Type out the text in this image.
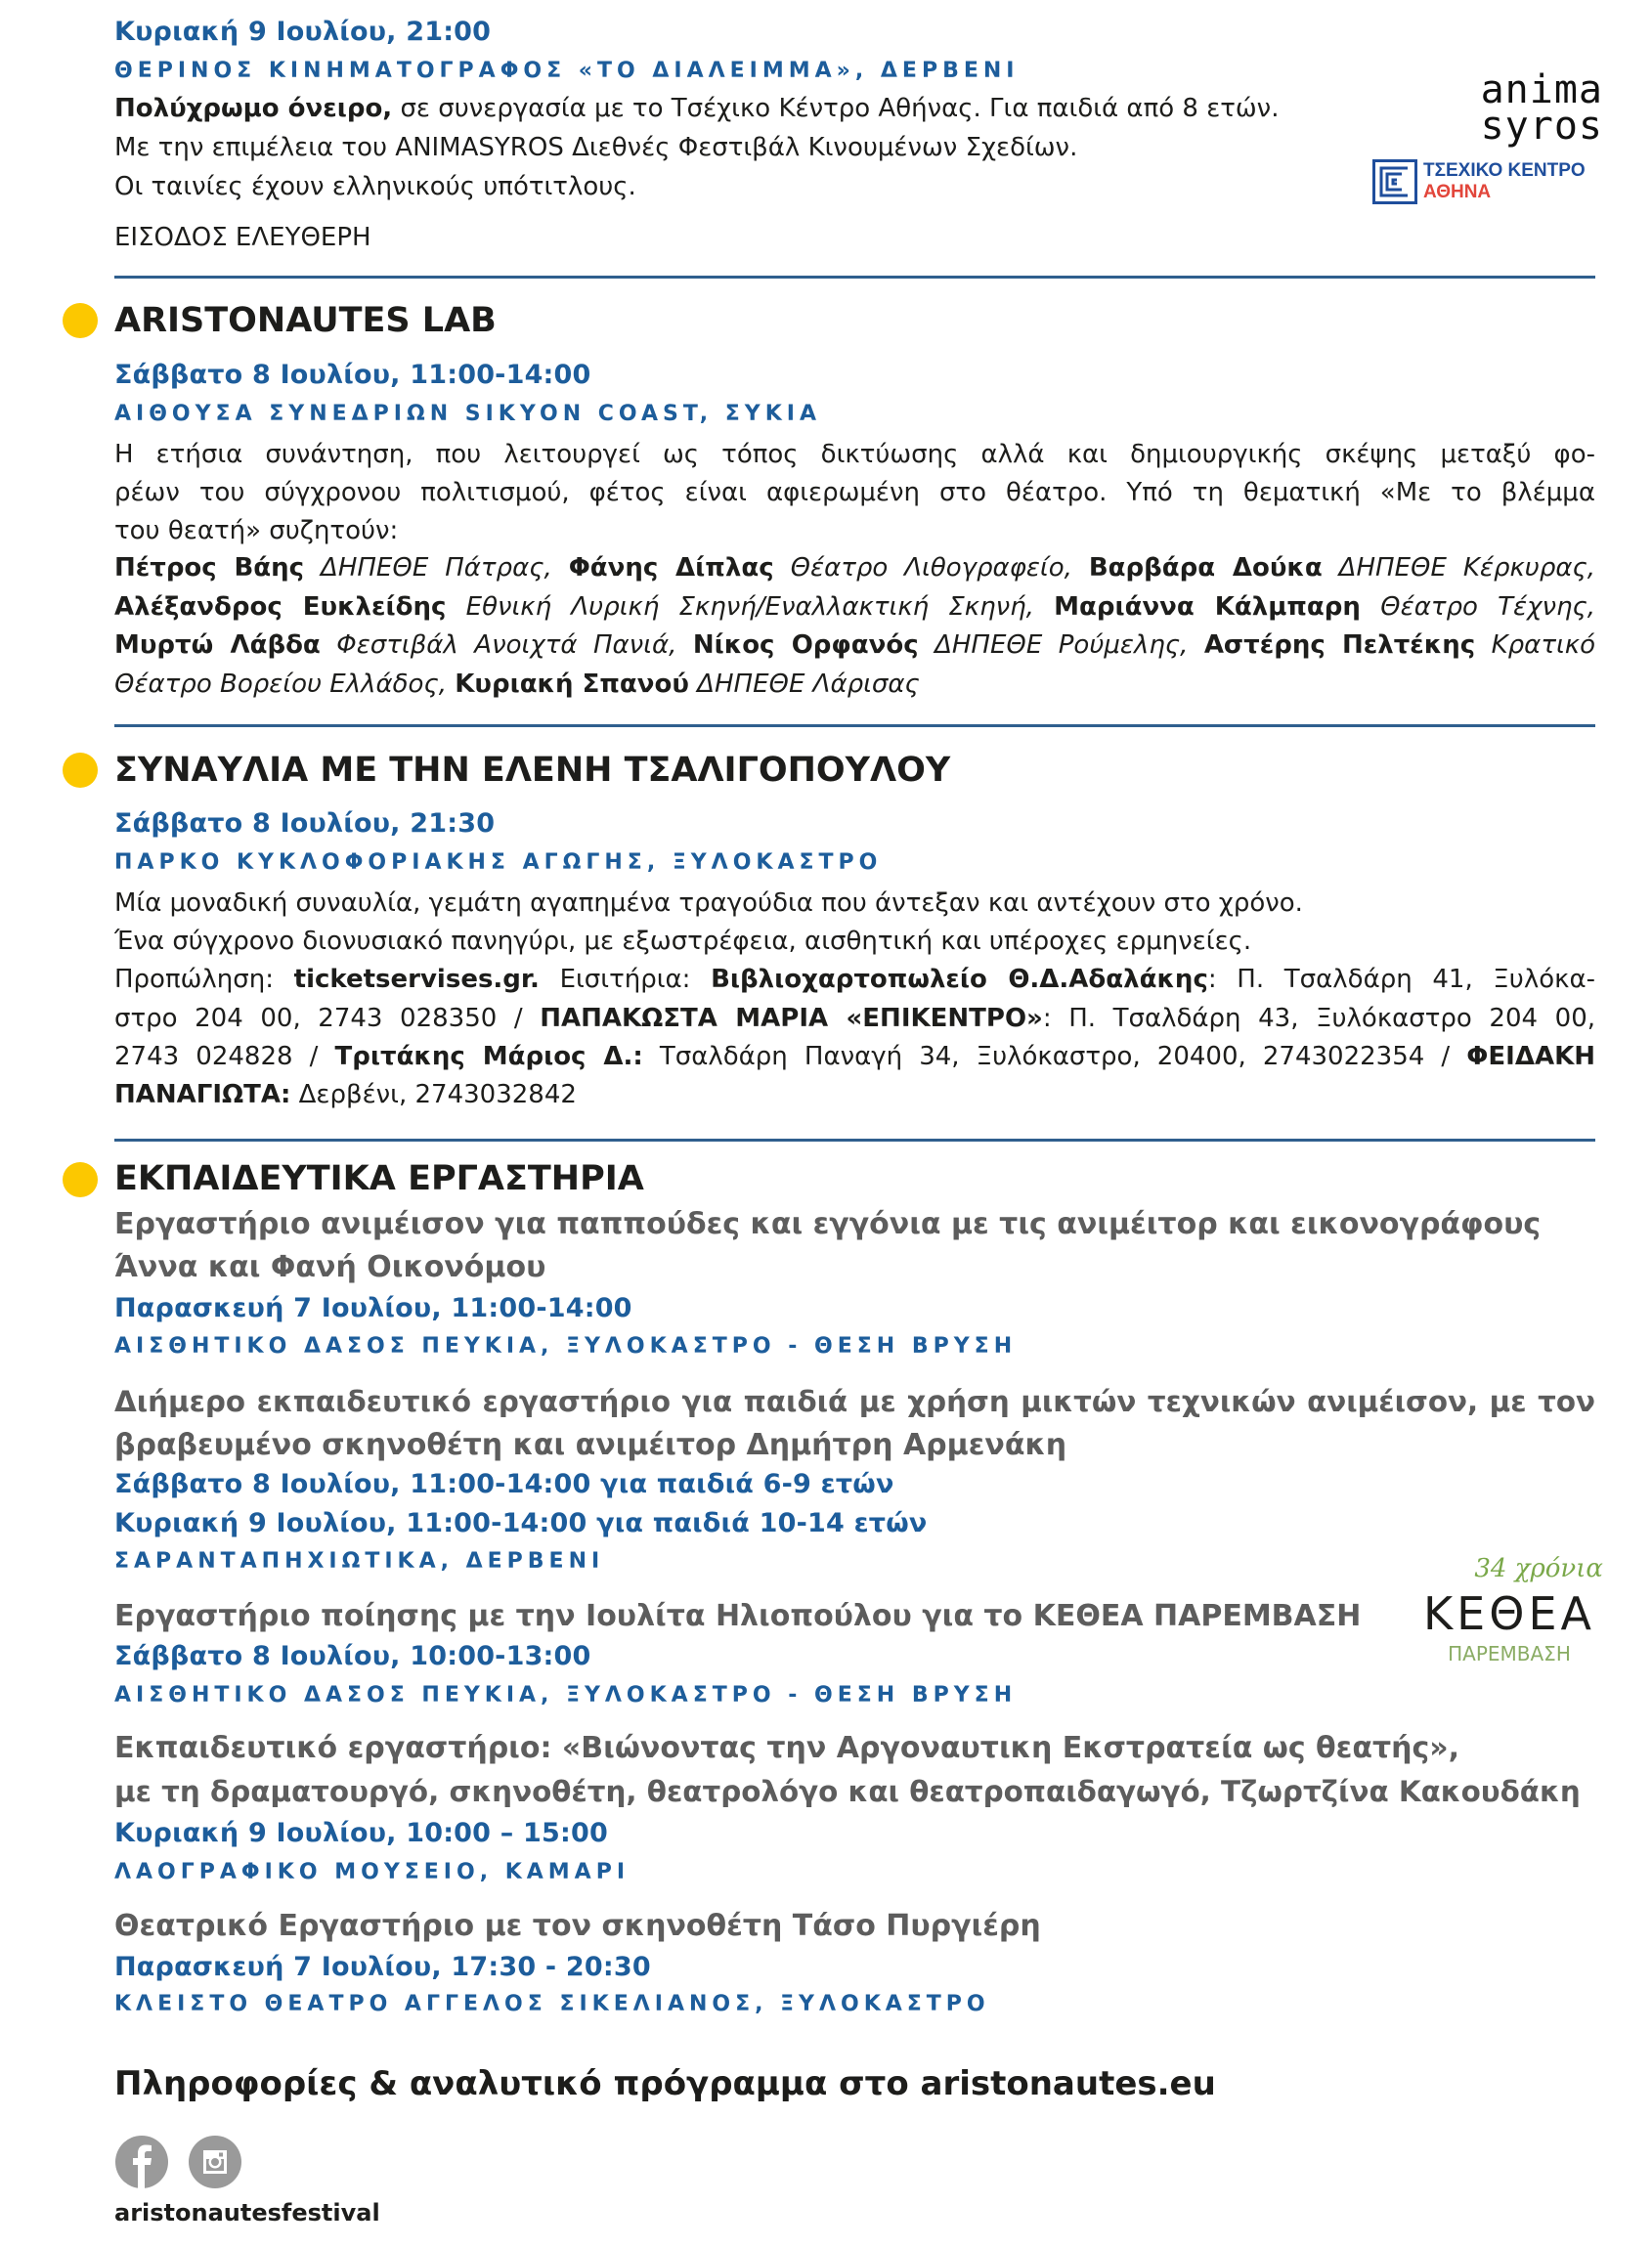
Κυριακή 9 Ιουλίου, 21:00
ΘΕΡΙΝΟΣ ΚΙΝΗΜΑΤΟΓΡΑΦΟΣ «ΤΟ ΔΙΑΛΕΙΜΜΑ», ΔΕΡΒΕΝΙ
Πολύχρωμο όνειρο, σε συνεργασία με το Τσέχικο Κέντρο Αθήνας. Για παιδιά από 8 ετών.
Με την επιμέλεια του ANIMASYROS Διεθνές Φεστιβάλ Κινουμένων Σχεδίων.
Οι ταινίες έχουν ελληνικούς υπότιτλους.
ΕΙΣΟΔΟΣ ΕΛΕΥΘΕΡΗ
anima
syros
ΤΣΕΧΙΚΟ ΚΕΝΤΡΟ
ΑΘΗΝΑ
ARISTONAUTES LAB
Σάββατο 8 Ιουλίου, 11:00-14:00
ΑΙΘΟΥΣΑ ΣΥΝΕΔΡΙΩΝ SIKYON COAST, ΣΥΚΙΑ
Η ετήσια συνάντηση, που λειτουργεί ως τόπος δικτύωσης αλλά και δημιουργικής σκέψης μεταξύ φο-
ρέων του σύγχρονου πολιτισμού, φέτος είναι αφιερωμένη στο θέατρο. Υπό τη θεματική «Με το βλέμμα
του θεατή» συζητούν:
Πέτρος Βάης ΔΗΠΕΘΕ Πάτρας, Φάνης Δίπλας Θέατρο Λιθογραφείο, Βαρβάρα Δούκα ΔΗΠΕΘΕ Κέρκυρας,
Αλέξανδρος Ευκλείδης Εθνική Λυρική Σκηνή/Εναλλακτική Σκηνή, Μαριάννα Κάλμπαρη Θέατρο Τέχνης,
Μυρτώ Λάβδα Φεστιβάλ Ανοιχτά Πανιά, Νίκος Ορφανός ΔΗΠΕΘΕ Ρούμελης, Αστέρης Πελτέκης Κρατικό
Θέατρο Βορείου Ελλάδος, Κυριακή Σπανού ΔΗΠΕΘΕ Λάρισας
ΣΥΝΑΥΛΙΑ ΜΕ ΤΗΝ ΕΛΕΝΗ ΤΣΑΛΙΓΟΠΟΥΛΟΥ
Σάββατο 8 Ιουλίου, 21:30
ΠΑΡΚΟ ΚΥΚΛΟΦΟΡΙΑΚΗΣ ΑΓΩΓΗΣ, ΞΥΛΟΚΑΣΤΡΟ
Μία μοναδική συναυλία, γεμάτη αγαπημένα τραγούδια που άντεξαν και αντέχουν στο χρόνο.
Ένα σύγχρονο διονυσιακό πανηγύρι, με εξωστρέφεια, αισθητική και υπέροχες ερμηνείες.
Προπώληση: ticketservises.gr. Εισιτήρια: Βιβλιοχαρτοπωλείο Θ.Δ.Αδαλάκης: Π. Τσαλδάρη 41, Ξυλόκα-
στρο 204 00, 2743 028350 / ΠΑΠΑΚΩΣΤΑ ΜΑΡΙΑ «ΕΠΙΚΕΝΤΡΟ»: Π. Τσαλδάρη 43, Ξυλόκαστρο 204 00,
2743 024828 / Τριτάκης Μάριος Δ.: Τσαλδάρη Παναγή 34, Ξυλόκαστρο, 20400, 2743022354 / ΦΕΙΔΑΚΗ
ΠΑΝΑΓΙΩΤΑ: Δερβένι, 2743032842
ΕΚΠΑΙΔΕΥΤΙΚΑ ΕΡΓΑΣΤΗΡΙΑ
Εργαστήριο ανιμέισον για παππούδες και εγγόνια με τις ανιμέιτορ και εικονογράφους
Άννα και Φανή Οικονόμου
Παρασκευή 7 Ιουλίου, 11:00-14:00
ΑΙΣΘΗΤΙΚΟ ΔΑΣΟΣ ΠΕΥΚΙΑ, ΞΥΛΟΚΑΣΤΡΟ - ΘΕΣΗ ΒΡΥΣΗ
Διήμερο εκπαιδευτικό εργαστήριο για παιδιά με χρήση μικτών τεχνικών ανιμέισον, με τον
βραβευμένο σκηνοθέτη και ανιμέιτορ Δημήτρη Αρμενάκη
Σάββατο 8 Ιουλίου, 11:00-14:00 για παιδιά 6-9 ετών
Κυριακή 9 Ιουλίου, 11:00-14:00 για παιδιά 10-14 ετών
ΣΑΡΑΝΤΑΠΗΧΙΩΤΙΚΑ, ΔΕΡΒΕΝΙ
Εργαστήριο ποίησης με την Ιουλίτα Ηλιοπούλου για το ΚΕΘΕΑ ΠΑΡΕΜΒΑΣΗ
Σάββατο 8 Ιουλίου, 10:00-13:00
ΑΙΣΘΗΤΙΚΟ ΔΑΣΟΣ ΠΕΥΚΙΑ, ΞΥΛΟΚΑΣΤΡΟ - ΘΕΣΗ ΒΡΥΣΗ
Εκπαιδευτικό εργαστήριο: «Βιώνοντας την Αργοναυτικη Εκστρατεία ως θεατής»,
με τη δραματουργό, σκηνοθέτη, θεατρολόγο και θεατροπαιδαγωγό, Τζωρτζίνα Κακουδάκη
Κυριακή 9 Ιουλίου, 10:00 – 15:00
ΛΑΟΓΡΑΦΙΚΟ ΜΟΥΣΕΙΟ, ΚΑΜΑΡΙ
Θεατρικό Εργαστήριο με τον σκηνοθέτη Τάσο Πυργιέρη
Παρασκευή 7 Ιουλίου, 17:30 - 20:30
ΚΛΕΙΣΤΟ ΘΕΑΤΡΟ ΑΓΓΕΛΟΣ ΣΙΚΕΛΙΑΝΟΣ, ΞΥΛΟΚΑΣΤΡΟ
34 χρόνια
ΚΕΘΕΑ
ΠΑΡΕΜΒΑΣΗ
Πληροφορίες & αναλυτικό πρόγραμμα στο aristonautes.eu
aristonautesfestival
